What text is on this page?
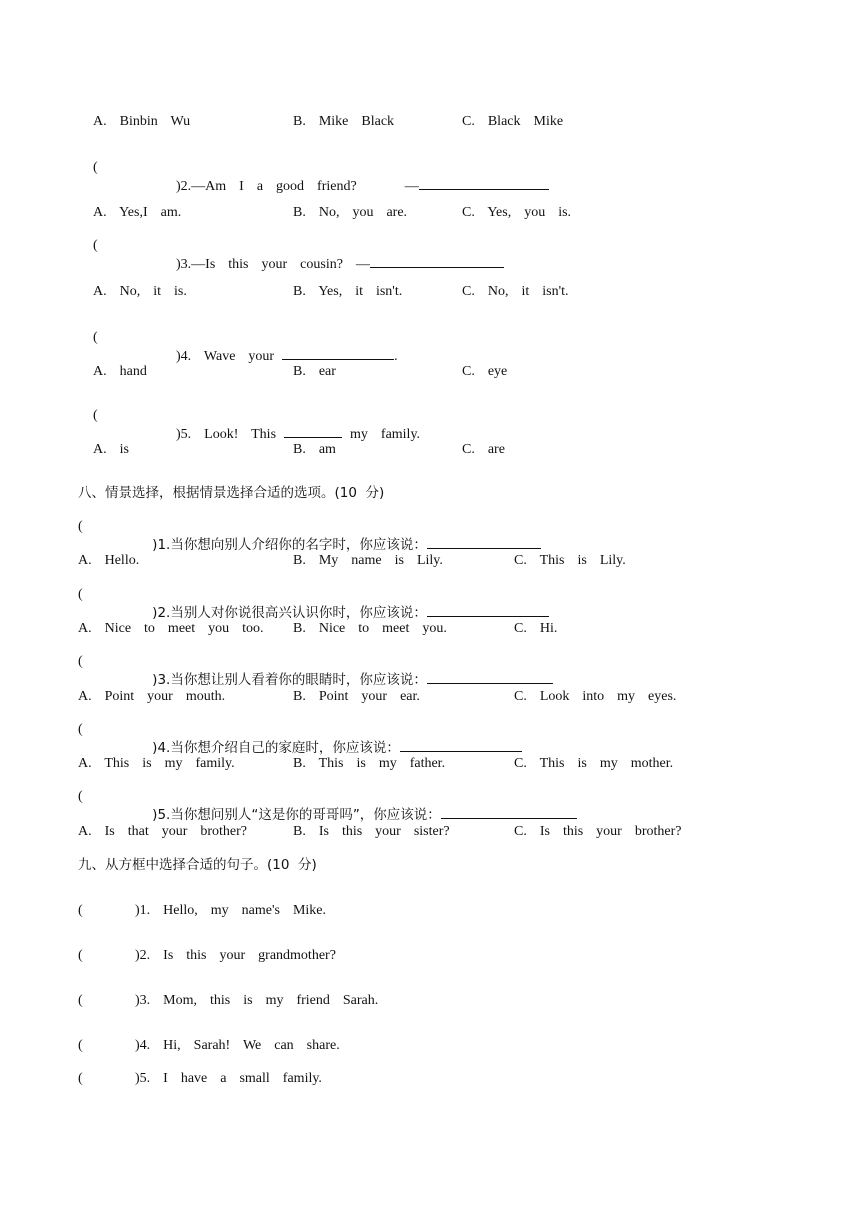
A.  Binbin  Wu	B.  Mike  Black	C.  Black  Mike
(

)2.—Am  I  a  good  friend?	—

A.  Yes,I  am.	B.  No,  you  are.	C.  Yes,  you  is.
(

)3.—Is  this  your  cousin?  —

A.  No,  it  is.	B.  Yes,  it  isn't.	C.  No,  it  isn't.
(

)4.  Wave  your	.

A.  hand	B.  ear	C.  eye
(

)5.  Look!  This	my  family.

A.  is	B.  am	C.  are
八、情景选择，根据情景选择合适的选项。(10  分)
(

)1.当你想向别人介绍你的名字时，你应该说：

A.  Hello.	B.  My  name  is  Lily.	C.  This  is  Lily.
(

)2.当别人对你说很高兴认识你时，你应该说：

A.  Nice  to  meet  you  too. B.  Nice  to  meet  you.	C.  Hi.
(

)3.当你想让别人看着你的眼睛时，你应该说：

A.  Point  your  mouth.	B.  Point  your  ear.	C.  Look  into  my  eyes.
(

)4.当你想介绍自己的家庭时，你应该说：

A.  This  is  my  family.	B.  This  is  my  father.	C.  This  is  my  mother.
(

)5.当你想问别人“这是你的哥哥吗”，你应该说：

A.  Is  that  your  brother?	B.  Is  this  your  sister?	C.  Is  this  your  brother?
九、从方框中选择合适的句子。(10  分)
(	)1.  Hello,  my  name's  Mike.
(	)2.  Is  this  your  grandmother?
(	)3.  Mom,  this  is  my  friend  Sarah.
(	)4.  Hi,  Sarah!  We  can  share.
(	)5.  I  have  a  small  family.
